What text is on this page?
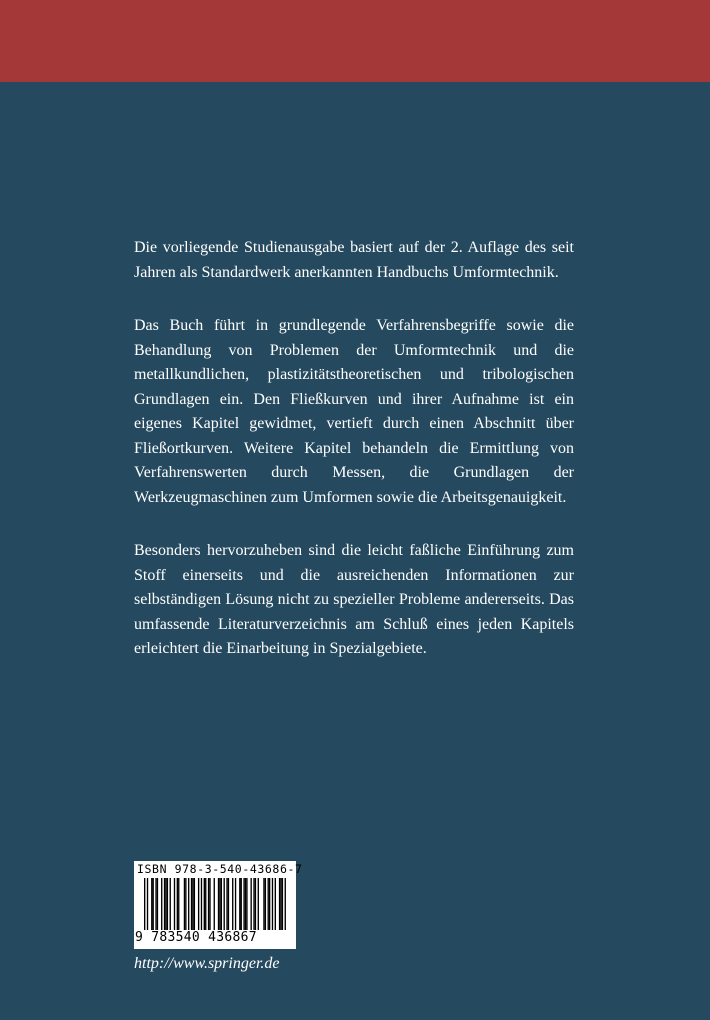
Die vorliegende Studienausgabe basiert auf der 2. Auflage des seit Jahren als Standardwerk anerkannten Handbuchs Umformtechnik.

Das Buch führt in grundlegende Verfahrensbegriffe sowie die Behandlung von Problemen der Umformtechnik und die metallkundlichen, plastizitätstheoretischen und tribologischen Grundlagen ein. Den Fließkurven und ihrer Aufnahme ist ein eigenes Kapitel gewidmet, vertieft durch einen Abschnitt über Fließortkurven. Weitere Kapitel behandeln die Ermittlung von Verfahrenswerten durch Messen, die Grundlagen der Werkzeugmaschinen zum Umformen sowie die Arbeitsgenauigkeit.

Besonders hervorzuheben sind die leicht faßliche Einführung zum Stoff einerseits und die ausreichenden Informationen zur selbständigen Lösung nicht zu spezieller Probleme andererseits. Das umfassende Literaturverzeichnis am Schluß eines jeden Kapitels erleichtert die Einarbeitung in Spezialgebiete.

ISBN 978-3-540-43686-7
9 783540 436867
http://www.springer.de
